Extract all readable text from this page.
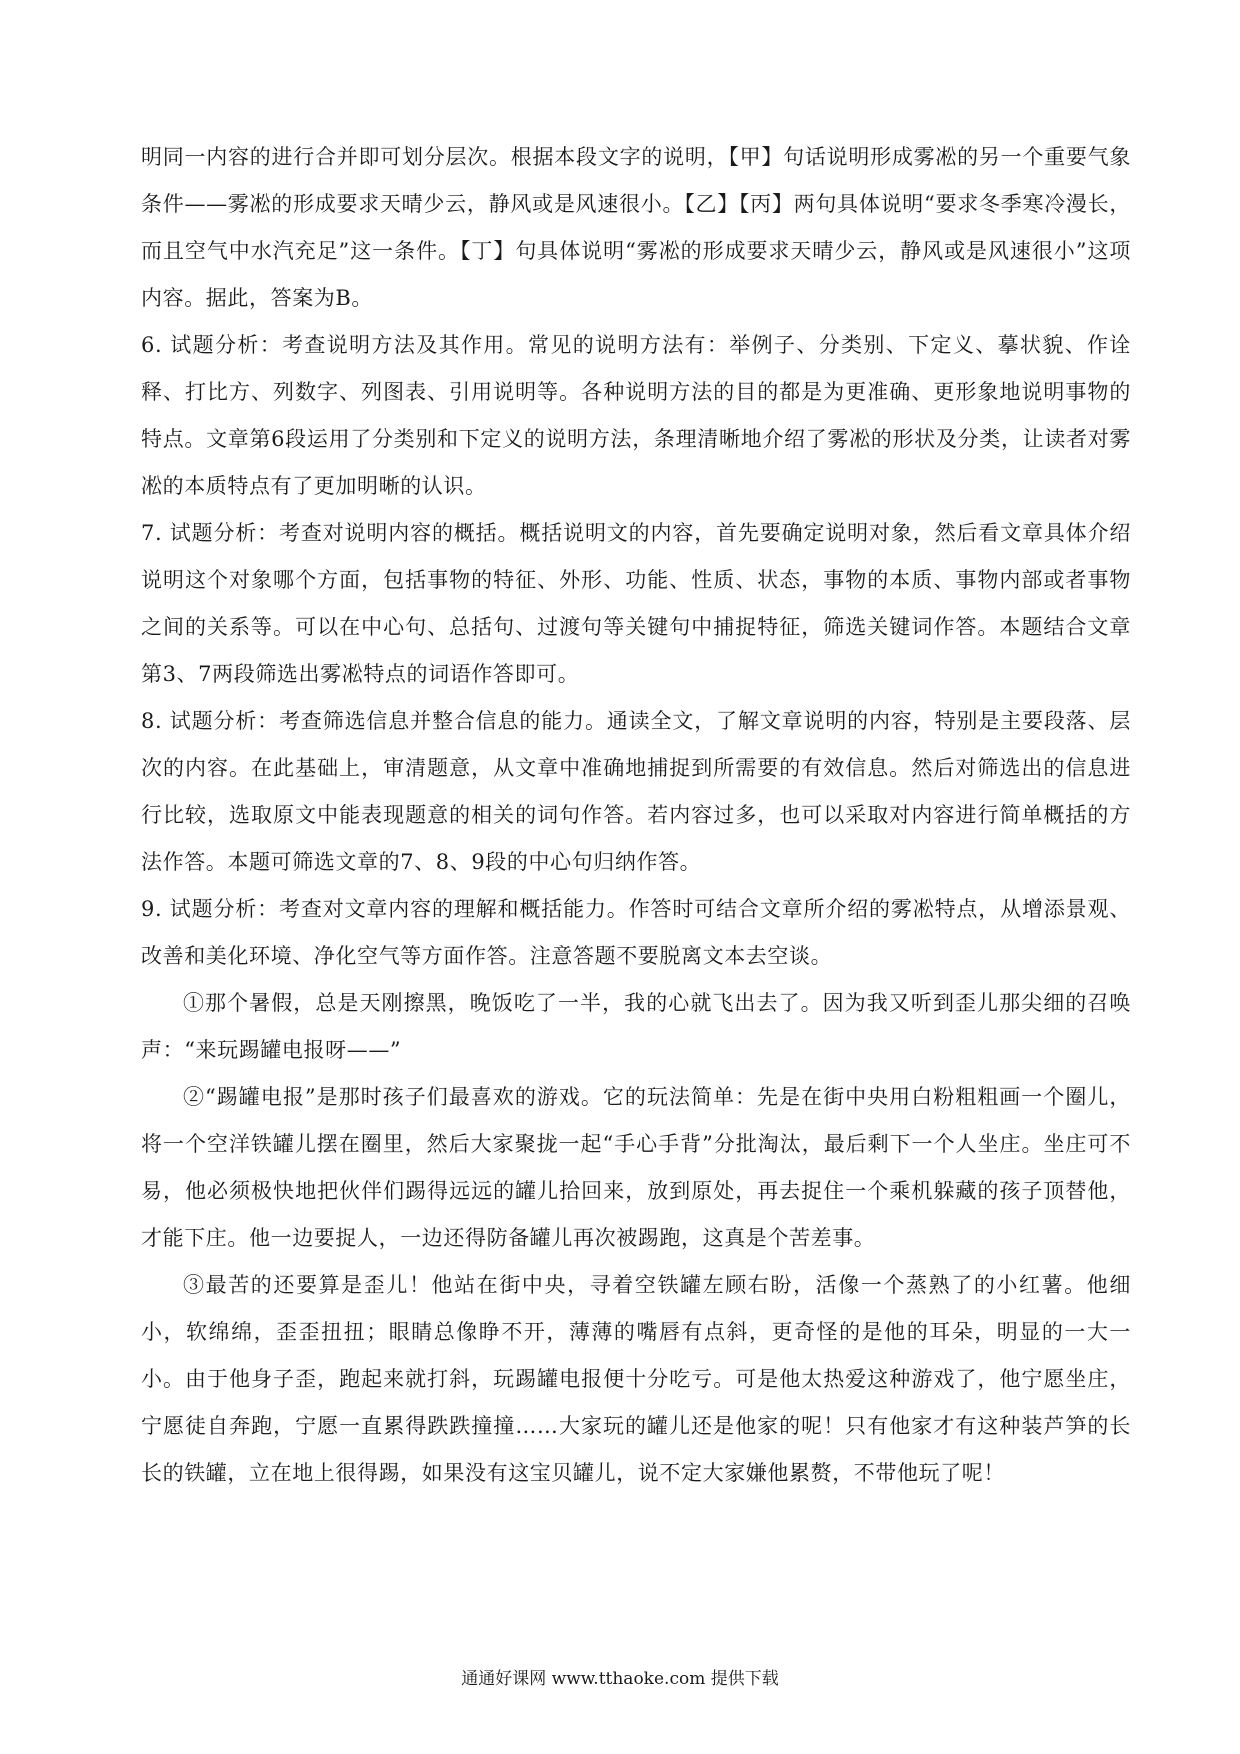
明同一内容的进行合并即可划分层次。根据本段文字的说明，【甲】句话说明形成雾凇的另一个重要气象条件——雾凇的形成要求天晴少云，静风或是风速很小。【乙】【丙】两句具体说明“要求冬季寒冷漫长，而且空气中水汽充足”这一条件。【丁】句具体说明“雾凇的形成要求天晴少云，静风或是风速很小”这项内容。据此，答案为B。

6. 试题分析：考查说明方法及其作用。常见的说明方法有：举例子、分类别、下定义、摹状貌、作诠释、打比方、列数字、列图表、引用说明等。各种说明方法的目的都是为更准确、更形象地说明事物的特点。文章第6段运用了分类别和下定义的说明方法，条理清晰地介绍了雾凇的形状及分类，让读者对雾凇的本质特点有了更加明晰的认识。

7. 试题分析：考查对说明内容的概括。概括说明文的内容，首先要确定说明对象，然后看文章具体介绍说明这个对象哪个方面，包括事物的特征、外形、功能、性质、状态，事物的本质、事物内部或者事物之间的关系等。可以在中心句、总括句、过渡句等关键句中捕捉特征，筛选关键词作答。本题结合文章第3、7两段筛选出雾凇特点的词语作答即可。

8. 试题分析：考查筛选信息并整合信息的能力。通读全文，了解文章说明的内容，特别是主要段落、层次的内容。在此基础上，审清题意，从文章中准确地捕捉到所需要的有效信息。然后对筛选出的信息进行比较，选取原文中能表现题意的相关的词句作答。若内容过多，也可以采取对内容进行简单概括的方法作答。本题可筛选文章的7、8、9段的中心句归纳作答。

9. 试题分析：考查对文章内容的理解和概括能力。作答时可结合文章所介绍的雾凇特点，从增添景观、改善和美化环境、净化空气等方面作答。注意答题不要脱离文本去空谈。

①那个暑假，总是天刚擦黑，晚饭吃了一半，我的心就飞出去了。因为我又听到歪儿那尖细的召唤声：“来玩踢罐电报呀——”

②“踢罐电报”是那时孩子们最喜欢的游戏。它的玩法简单：先是在街中央用白粉粗粗画一个圈儿，将一个空洋铁罐儿摆在圈里，然后大家聚拢一起“手心手背”分批淘汰，最后剩下一个人坐庄。坐庄可不易，他必须极快地把伙伴们踢得远远的罐儿拾回来，放到原处，再去捉住一个乘机躲藏的孩子顶替他，才能下庄。他一边要捉人，一边还得防备罐儿再次被踢跑，这真是个苦差事。

③最苦的还要算是歪儿！他站在街中央，寻着空铁罐左顾右盼，活像一个蒸熟了的小红薯。他细小，软绵绵，歪歪扭扭；眼睛总像睁不开，薄薄的嘴唇有点斜，更奇怪的是他的耳朵，明显的一大一小。由于他身子歪，跑起来就打斜，玩踢罐电报便十分吃亏。可是他太热爱这种游戏了，他宁愿坐庄，宁愿徒自奔跑，宁愿一直累得跌跌撞撞……大家玩的罐儿还是他家的呢！只有他家才有这种装芦笋的长长的铁罐，立在地上很得踢，如果没有这宝贝罐儿，说不定大家嫌他累赘，不带他玩了呢！

通通好课网 www.tthaoke.com 提供下载
